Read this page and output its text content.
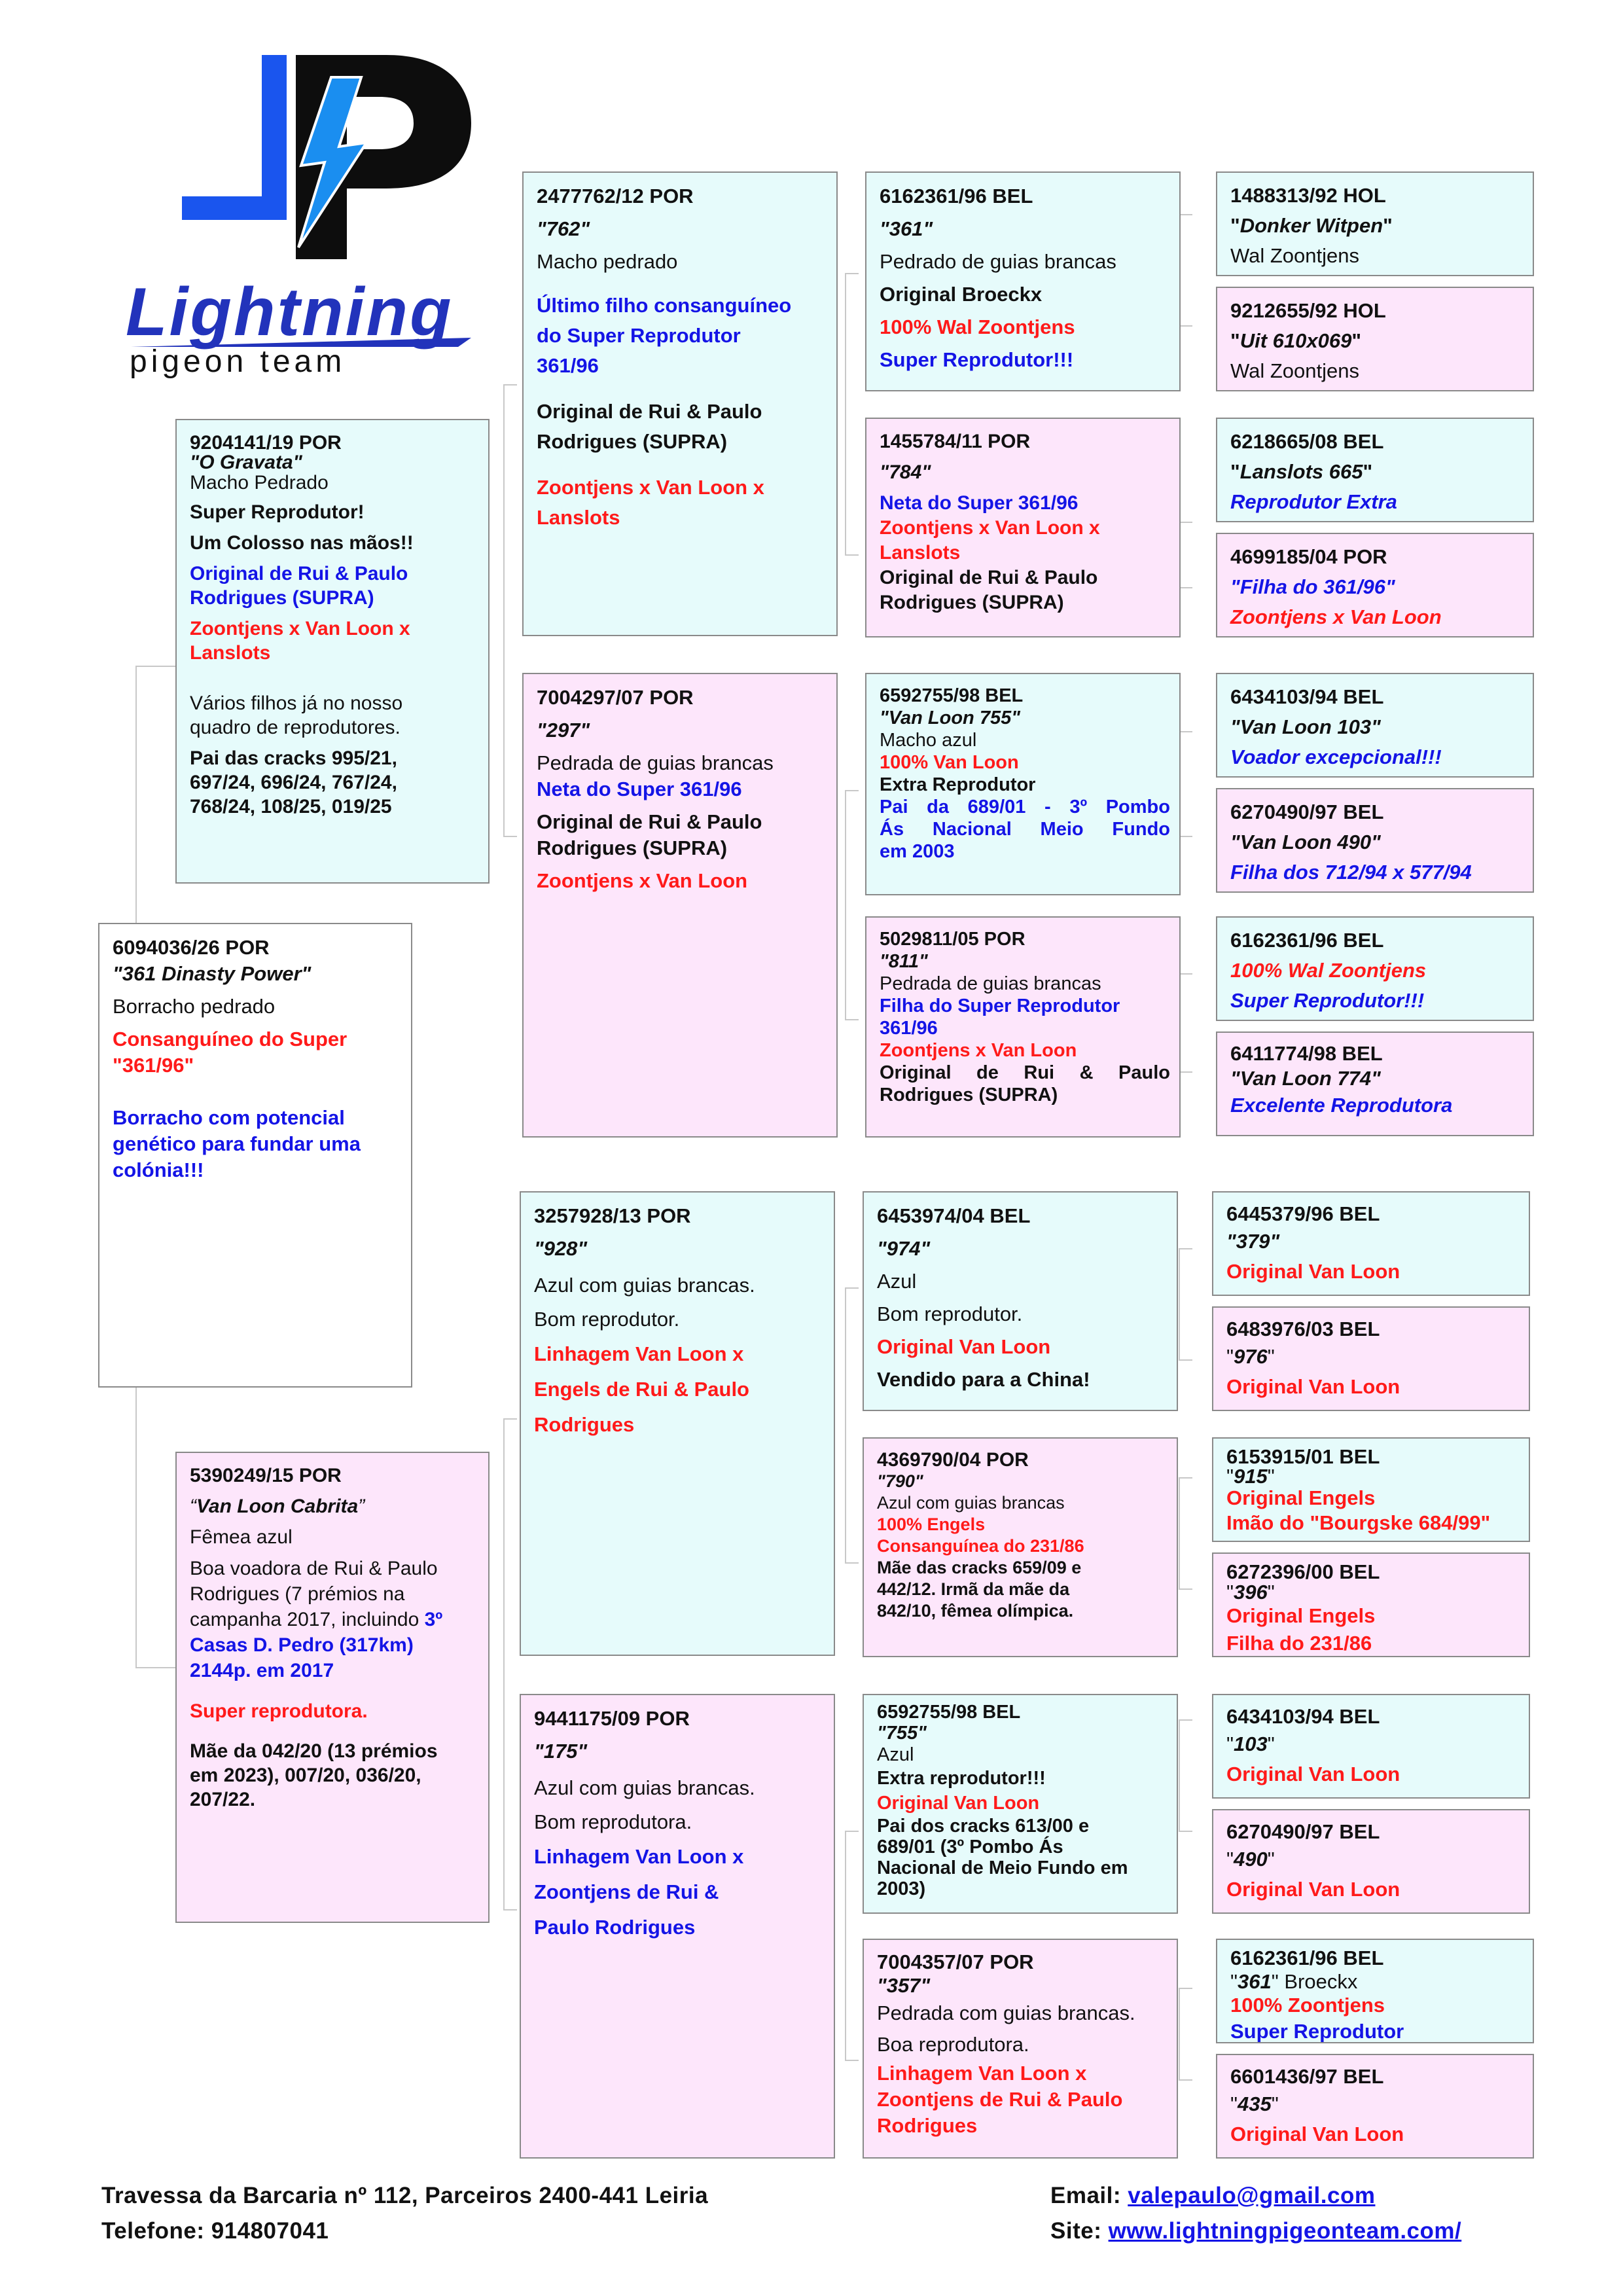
Lightning
pigeon team
6094036/26 POR
"361 Dinasty Power"
Borracho pedrado
Consanguíneo do Super
"361/96"
Borracho com potencial
genético para fundar uma
colónia!!!
9204141/19 POR
"O Gravata"
Macho Pedrado
Super Reprodutor!
Um Colosso nas mãos!!
Original de Rui & Paulo
Rodrigues (SUPRA)
Zoontjens x Van Loon x
Lanslots
Vários filhos já no nosso
quadro de reprodutores.
Pai das cracks 995/21,
697/24, 696/24, 767/24,
768/24, 108/25, 019/25
5390249/15 POR
“Van Loon Cabrita”
Fêmea azul
Boa voadora de Rui & Paulo
Rodrigues (7 prémios na
campanha 2017, incluindo 3º
Casas D. Pedro (317km)
2144p. em 2017
Super reprodutora.
Mãe da 042/20 (13 prémios
em 2023), 007/20, 036/20,
207/22.
2477762/12 POR
"762"
Macho pedrado
Último filho consanguíneo
do Super Reprodutor
361/96
Original de Rui & Paulo
Rodrigues (SUPRA)
Zoontjens x Van Loon x
Lanslots
7004297/07 POR
"297"
Pedrada de guias brancas
Neta do Super 361/96
Original de Rui & Paulo
Rodrigues (SUPRA)
Zoontjens x Van Loon
3257928/13 POR
"928"
Azul com guias brancas.
Bom reprodutor.
Linhagem Van Loon x
Engels de Rui & Paulo
Rodrigues
9441175/09 POR
"175"
Azul com guias brancas.
Bom reprodutora.
Linhagem Van Loon x
Zoontjens de Rui &
Paulo Rodrigues
6162361/96 BEL
"361"
Pedrado de guias brancas
Original Broeckx
100% Wal Zoontjens
Super Reprodutor!!!
1455784/11 POR
"784"
Neta do Super 361/96
Zoontjens x Van Loon x
Lanslots
Original de Rui & Paulo
Rodrigues (SUPRA)
6592755/98 BEL
"Van Loon 755"
Macho azul
100% Van Loon
Extra Reprodutor
Pai da 689/01 - 3º Pombo
Ás Nacional Meio Fundo
em 2003
5029811/05 POR
"811"
Pedrada de guias brancas
Filha do Super Reprodutor
361/96
Zoontjens x Van Loon
Original de Rui & Paulo
Rodrigues (SUPRA)
6453974/04 BEL
"974"
Azul
Bom reprodutor.
Original Van Loon
Vendido para a China!
4369790/04 POR
"790"
Azul com guias brancas
100% Engels
Consanguínea do 231/86
Mãe das cracks 659/09 e
442/12. Irmã da mãe da
842/10, fêmea olímpica.
6592755/98 BEL
"755"
Azul
Extra reprodutor!!!
Original Van Loon
Pai dos cracks 613/00 e
689/01 (3º Pombo Ás
Nacional de Meio Fundo em
2003)
7004357/07 POR
"357"
Pedrada com guias brancas.
Boa reprodutora.
Linhagem Van Loon x
Zoontjens de Rui & Paulo
Rodrigues
1488313/92 HOL
"Donker Witpen"
Wal Zoontjens
9212655/92 HOL
"Uit 610x069"
Wal Zoontjens
6218665/08 BEL
"Lanslots 665"
Reprodutor Extra
4699185/04 POR
"Filha do 361/96"
Zoontjens x Van Loon
6434103/94 BEL
"Van Loon 103"
Voador excepcional!!!
6270490/97 BEL
"Van Loon 490"
Filha dos 712/94 x 577/94
6162361/96 BEL
100% Wal Zoontjens
Super Reprodutor!!!
6411774/98 BEL
"Van Loon 774"
Excelente Reprodutora
6445379/96 BEL
"379"
Original Van Loon
6483976/03 BEL
"976"
Original Van Loon
6153915/01 BEL
"915"
Original Engels
Imão do "Bourgske 684/99"
6272396/00 BEL
"396"
Original Engels
Filha do 231/86
6434103/94 BEL
"103"
Original Van Loon
6270490/97 BEL
"490"
Original Van Loon
6162361/96 BEL
"361" Broeckx
100% Zoontjens
Super Reprodutor
6601436/97 BEL
"435"
Original Van Loon
Travessa da Barcaria nº 112, Parceiros 2400-441 Leiria
Telefone: 914807041
Email: valepaulo@gmail.com
Site: www.lightningpigeonteam.com/
